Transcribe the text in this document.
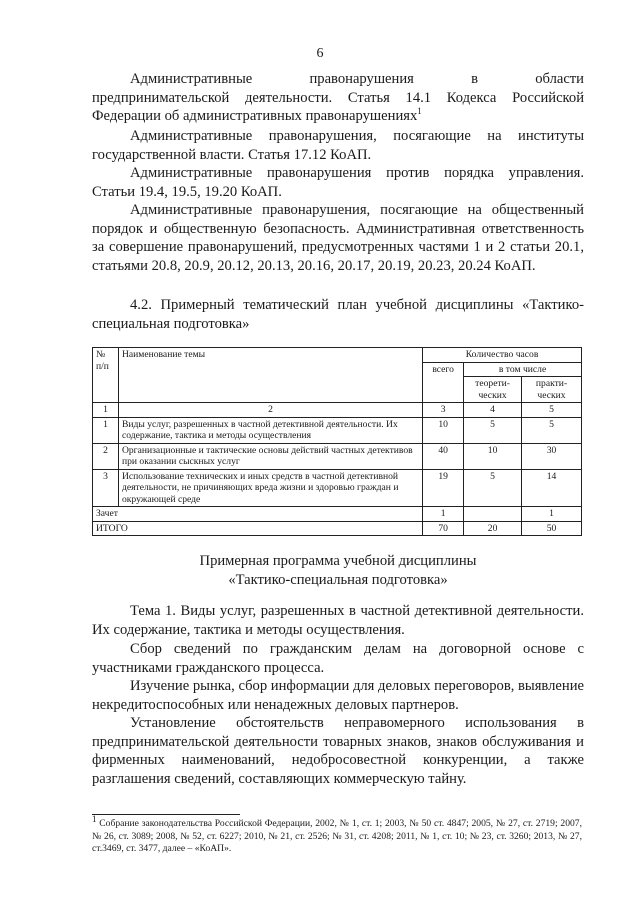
6
Административные правонарушения в области
предпринимательской деятельности. Статья 14.1 Кодекса Российской Федерации об административных правонарушениях$^1$
Административные правонарушения, посягающие на институты государственной власти. Статья 17.12 КоАП.
Административные правонарушения против порядка управления. Статьи 19.4, 19.5, 19.20 КоАП.
Административные правонарушения, посягающие на общественный порядок и общественную безопасность. Административная ответственность за совершение правонарушений, предусмотренных частями 1 и 2 статьи 20.1, статьями 20.8, 20.9, 20.12, 20.13, 20.16, 20.17, 20.19, 20.23, 20.24 КоАП.
4.2. Примерный тематический план учебной дисциплины «Тактико-специальная подготовка»
№ п/п	Наименование темы	Количество часов		
		всего	в том числе	
			теорети-ческих	практи-ческих
1	2	3	4	5
1	Виды услуг, разрешенных в частной детективной деятельности. Их содержание, тактика и методы осуществления	10	5	5
2	Организационные и тактические основы действий частных детективов при оказании сыскных услуг	40	10	30
3	Использование технических и иных средств в частной детективной деятельности, не причиняющих вреда жизни и здоровью граждан и окружающей среде	19	5	14
Зачет		1		1
ИТОГО		70	20	50
Примерная программа учебной дисциплины
«Тактико-специальная подготовка»
Тема 1. Виды услуг, разрешенных в частной детективной деятельности. Их содержание, тактика и методы осуществления.
Сбор сведений по гражданским делам на договорной основе с участниками гражданского процесса.
Изучение рынка, сбор информации для деловых переговоров, выявление некредитоспособных или ненадежных деловых партнеров.
Установление обстоятельств неправомерного использования в предпринимательской деятельности товарных знаков, знаков обслуживания и фирменных наименований, недобросовестной конкуренции, а также разглашения сведений, составляющих коммерческую тайну.
$^1$ Собрание законодательства Российской Федерации, 2002, № 1, ст. 1; 2003, № 50 ст. 4847; 2005, № 27, ст. 2719; 2007, № 26, ст. 3089; 2008, № 52, ст. 6227; 2010, № 21, ст. 2526; № 31, ст. 4208; 2011, № 1, ст. 10; № 23, ст. 3260; 2013, № 27, ст.3469, ст. 3477, далее – «КоАП».
